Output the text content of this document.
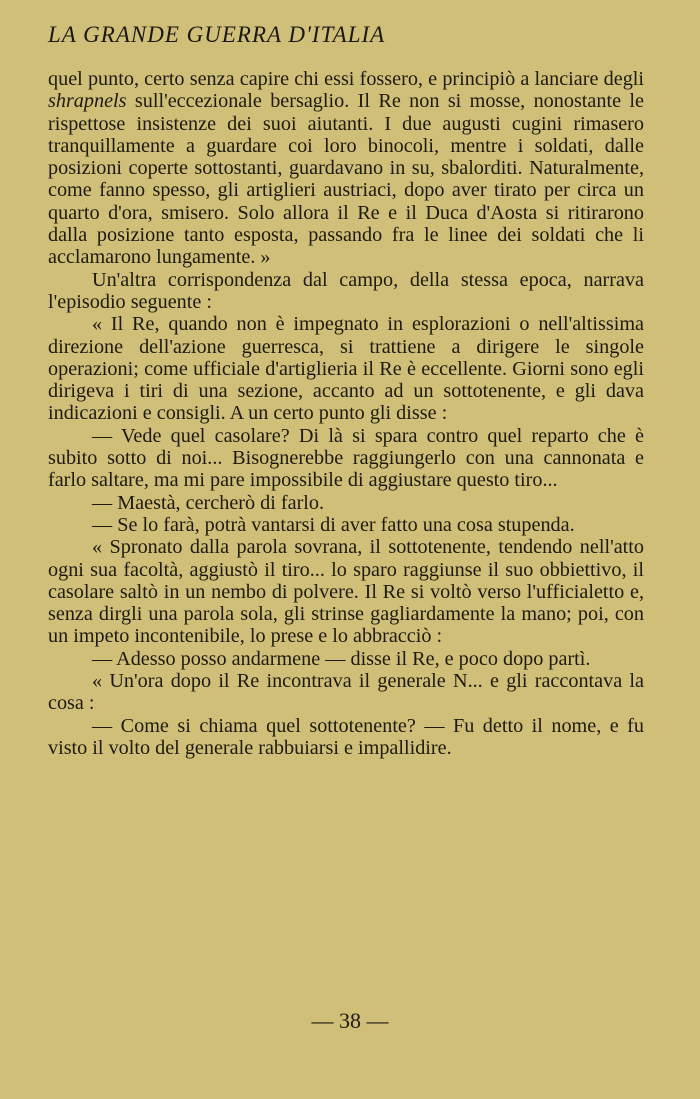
LA GRANDE GUERRA D'ITALIA

quel punto, certo senza capire chi essi fossero, e principiò a lanciare degli shrapnels sull'eccezionale bersaglio. Il Re non si mosse, nonostante le rispettose insistenze dei suoi aiutanti. I due augusti cugini rimasero tranquillamente a guardare coi loro binocoli, mentre i soldati, dalle posizioni coperte sottostanti, guardavano in su, sbalorditi. Naturalmente, come fanno spesso, gli artiglieri austriaci, dopo aver tirato per circa un quarto d'ora, smisero. Solo allora il Re e il Duca d'Aosta si ritirarono dalla posizione tanto esposta, passando fra le linee dei soldati che li acclamarono lungamente. »

Un'altra corrispondenza dal campo, della stessa epoca, narrava l'episodio seguente :

« Il Re, quando non è impegnato in esplorazioni o nell'altissima direzione dell'azione guerresca, si trattiene a dirigere le singole operazioni; come ufficiale d'artiglieria il Re è eccellente. Giorni sono egli dirigeva i tiri di una sezione, accanto ad un sottotenente, e gli dava indicazioni e consigli. A un certo punto gli disse :

— Vede quel casolare? Di là si spara contro quel reparto che è subito sotto di noi... Bisognerebbe raggiungerlo con una cannonata e farlo saltare, ma mi pare impossibile di aggiustare questo tiro...

— Maestà, cercherò di farlo.

— Se lo farà, potrà vantarsi di aver fatto una cosa stupenda.

« Spronato dalla parola sovrana, il sottotenente, tendendo nell'atto ogni sua facoltà, aggiustò il tiro... lo sparo raggiunse il suo obbiettivo, il casolare saltò in un nembo di polvere. Il Re si voltò verso l'ufficialetto e, senza dirgli una parola sola, gli strinse gagliardamente la mano; poi, con un impeto incontenibile, lo prese e lo abbracciò :

— Adesso posso andarmene — disse il Re, e poco dopo partì.

« Un'ora dopo il Re incontrava il generale N... e gli raccontava la cosa :

— Come si chiama quel sottotenente? — Fu detto il nome, e fu visto il volto del generale rabbuiarsi e impallidire.

— 38 —
